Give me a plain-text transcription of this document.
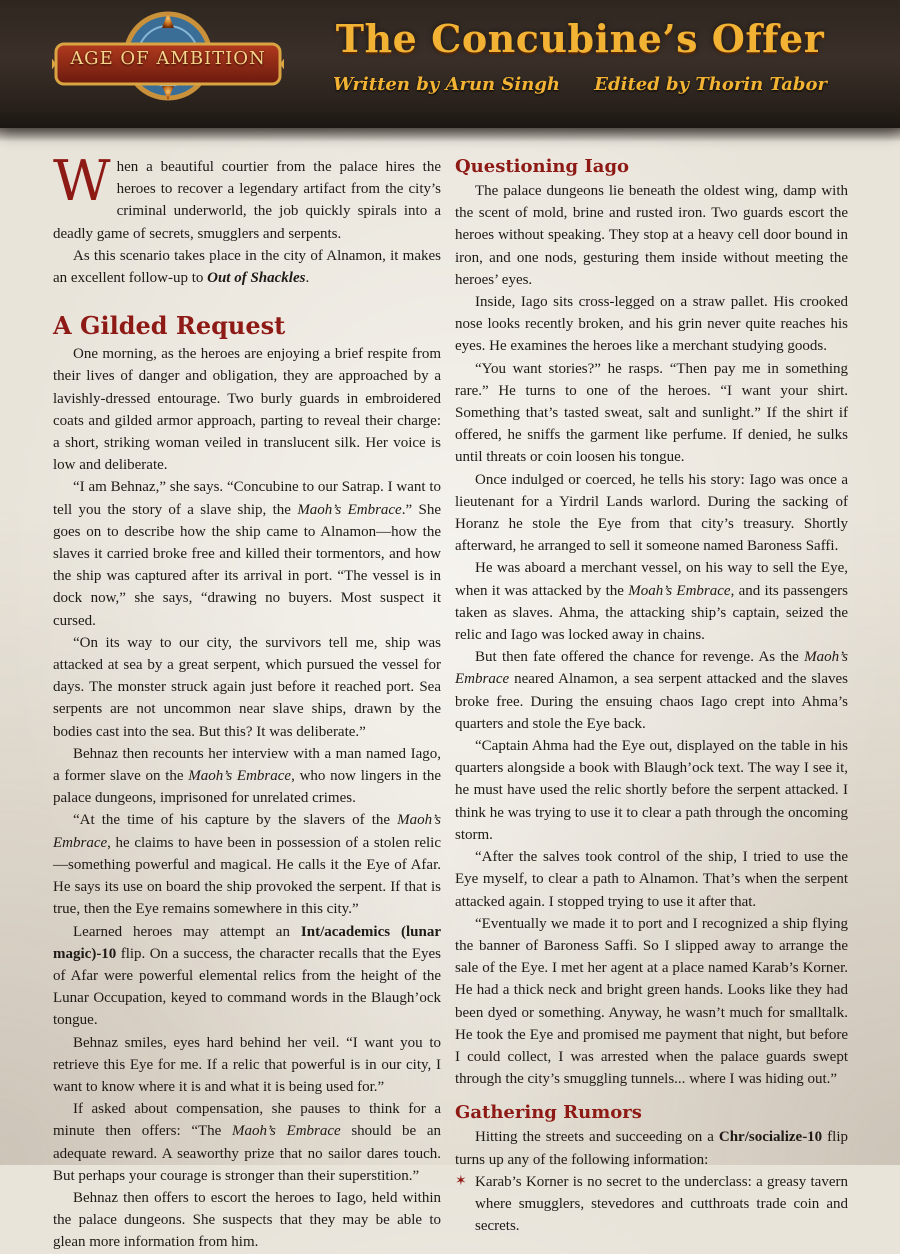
AGE OF AMBITION	The Concubine’s Offer
Written by Arun Singh Edited by Thorin Tabor

When a beautiful courtier from the palace hires the heroes to recover a legendary artifact from the city’s criminal underworld, the job quickly spirals into a deadly game of secrets, smugglers and serpents.

As this scenario takes place in the city of Alnamon, it makes an excellent follow-up to Out of Shackles.

A Gilded Request

One morning, as the heroes are enjoying a brief respite from their lives of danger and obligation, they are approached by a lavishly-dressed entourage. Two burly guards in embroidered coats and gilded armor approach, parting to reveal their charge: a short, striking woman veiled in translucent silk. Her voice is low and deliberate.

“I am Behnaz,” she says. “Concubine to our Satrap. I want to tell you the story of a slave ship, the Maoh’s Embrace.” She goes on to describe how the ship came to Alnamon—how the slaves it carried broke free and killed their tormentors, and how the ship was captured after its arrival in port. “The vessel is in dock now,” she says, “drawing no buyers. Most suspect it cursed.

“On its way to our city, the survivors tell me, ship was attacked at sea by a great serpent, which pursued the vessel for days. The monster struck again just before it reached port. Sea serpents are not uncommon near slave ships, drawn by the bodies cast into the sea. But this? It was deliberate.”

Behnaz then recounts her interview with a man named Iago, a former slave on the Maoh’s Embrace, who now lingers in the palace dungeons, imprisoned for unrelated crimes.

“At the time of his capture by the slavers of the Maoh’s Embrace, he claims to have been in possession of a stolen relic—something powerful and magical. He calls it the Eye of Afar. He says its use on board the ship provoked the serpent. If that is true, then the Eye remains somewhere in this city.”

Learned heroes may attempt an Int/academics (lunar magic)-10 flip. On a success, the character recalls that the Eyes of Afar were powerful elemental relics from the height of the Lunar Occupation, keyed to command words in the Blaugh’ock tongue.

Behnaz smiles, eyes hard behind her veil. “I want you to retrieve this Eye for me. If a relic that powerful is in our city, I want to know where it is and what it is being used for.”

If asked about compensation, she pauses to think for a minute then offers: “The Maoh’s Embrace should be an adequate reward. A seaworthy prize that no sailor dares touch. But perhaps your courage is stronger than their superstition.”

Behnaz then offers to escort the heroes to Iago, held within the palace dungeons. She suspects that they may be able to glean more information from him.

Questioning Iago

The palace dungeons lie beneath the oldest wing, damp with the scent of mold, brine and rusted iron. Two guards escort the heroes without speaking. They stop at a heavy cell door bound in iron, and one nods, gesturing them inside without meeting the heroes’ eyes.

Inside, Iago sits cross-legged on a straw pallet. His crooked nose looks recently broken, and his grin never quite reaches his eyes. He examines the heroes like a merchant studying goods.

“You want stories?” he rasps. “Then pay me in something rare.” He turns to one of the heroes. “I want your shirt. Something that’s tasted sweat, salt and sunlight.” If the shirt if offered, he sniffs the garment like perfume. If denied, he sulks until threats or coin loosen his tongue.

Once indulged or coerced, he tells his story: Iago was once a lieutenant for a Yirdril Lands warlord. During the sacking of Horanz he stole the Eye from that city’s treasury. Shortly afterward, he arranged to sell it someone named Baroness Saffi.

He was aboard a merchant vessel, on his way to sell the Eye, when it was attacked by the Moah’s Embrace, and its passengers taken as slaves. Ahma, the attacking ship’s captain, seized the relic and Iago was locked away in chains.

But then fate offered the chance for revenge. As the Maoh’s Embrace neared Alnamon, a sea serpent attacked and the slaves broke free. During the ensuing chaos Iago crept into Ahma’s quarters and stole the Eye back.

“Captain Ahma had the Eye out, displayed on the table in his quarters alongside a book with Blaugh’ock text. The way I see it, he must have used the relic shortly before the serpent attacked. I think he was trying to use it to clear a path through the oncoming storm.

“After the salves took control of the ship, I tried to use the Eye myself, to clear a path to Alnamon. That’s when the serpent attacked again. I stopped trying to use it after that.

“Eventually we made it to port and I recognized a ship flying the banner of Baroness Saffi. So I slipped away to arrange the sale of the Eye. I met her agent at a place named Karab’s Korner. He had a thick neck and bright green hands. Looks like they had been dyed or something. Anyway, he wasn’t much for smalltalk. He took the Eye and promised me payment that night, but before I could collect, I was arrested when the palace guards swept through the city’s smuggling tunnels... where I was hiding out.”

Gathering Rumors

Hitting the streets and succeeding on a Chr/socialize-10 flip turns up any of the following information:

✶ Karab’s Korner is no secret to the underclass: a greasy tavern where smugglers, stevedores and cutthroats trade coin and secrets.
